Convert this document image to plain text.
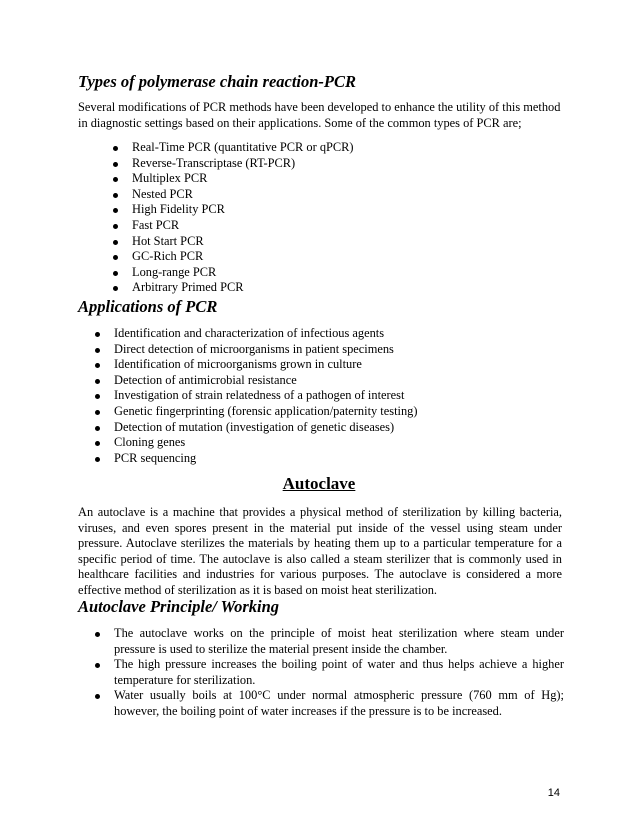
Types of polymerase chain reaction-PCR

Several modifications of PCR methods have been developed to enhance the utility of this method
in diagnostic settings based on their applications. Some of the common types of PCR are;

Real-Time PCR (quantitative PCR or qPCR)
Reverse-Transcriptase (RT-PCR)
Multiplex PCR
Nested PCR
High Fidelity PCR
Fast PCR
Hot Start PCR
GC-Rich PCR
Long-range PCR
Arbitrary Primed PCR
Applications of PCR
Identification and characterization of infectious agents
Direct detection of microorganisms in patient specimens
Identification of microorganisms grown in culture
Detection of antimicrobial resistance
Investigation of strain relatedness of a pathogen of interest
Genetic fingerprinting (forensic application/paternity testing)
Detection of mutation (investigation of genetic diseases)
Cloning genes
PCR sequencing
Autoclave

An autoclave is a machine that provides a physical method of sterilization by killing bacteria, viruses, and even spores present in the material put inside of the vessel using steam under pressure. Autoclave sterilizes the materials by heating them up to a particular temperature for a specific period of time. The autoclave is also called a steam sterilizer that is commonly used in healthcare facilities and industries for various purposes. The autoclave is considered a more effective method of sterilization as it is based on moist heat sterilization.

Autoclave Principle/ Working
The autoclave works on the principle of moist heat sterilization where steam under pressure is used to sterilize the material present inside the chamber.
The high pressure increases the boiling point of water and thus helps achieve a higher temperature for sterilization.
Water usually boils at 100°C under normal atmospheric pressure (760 mm of Hg); however, the boiling point of water increases if the pressure is to be increased.

14
